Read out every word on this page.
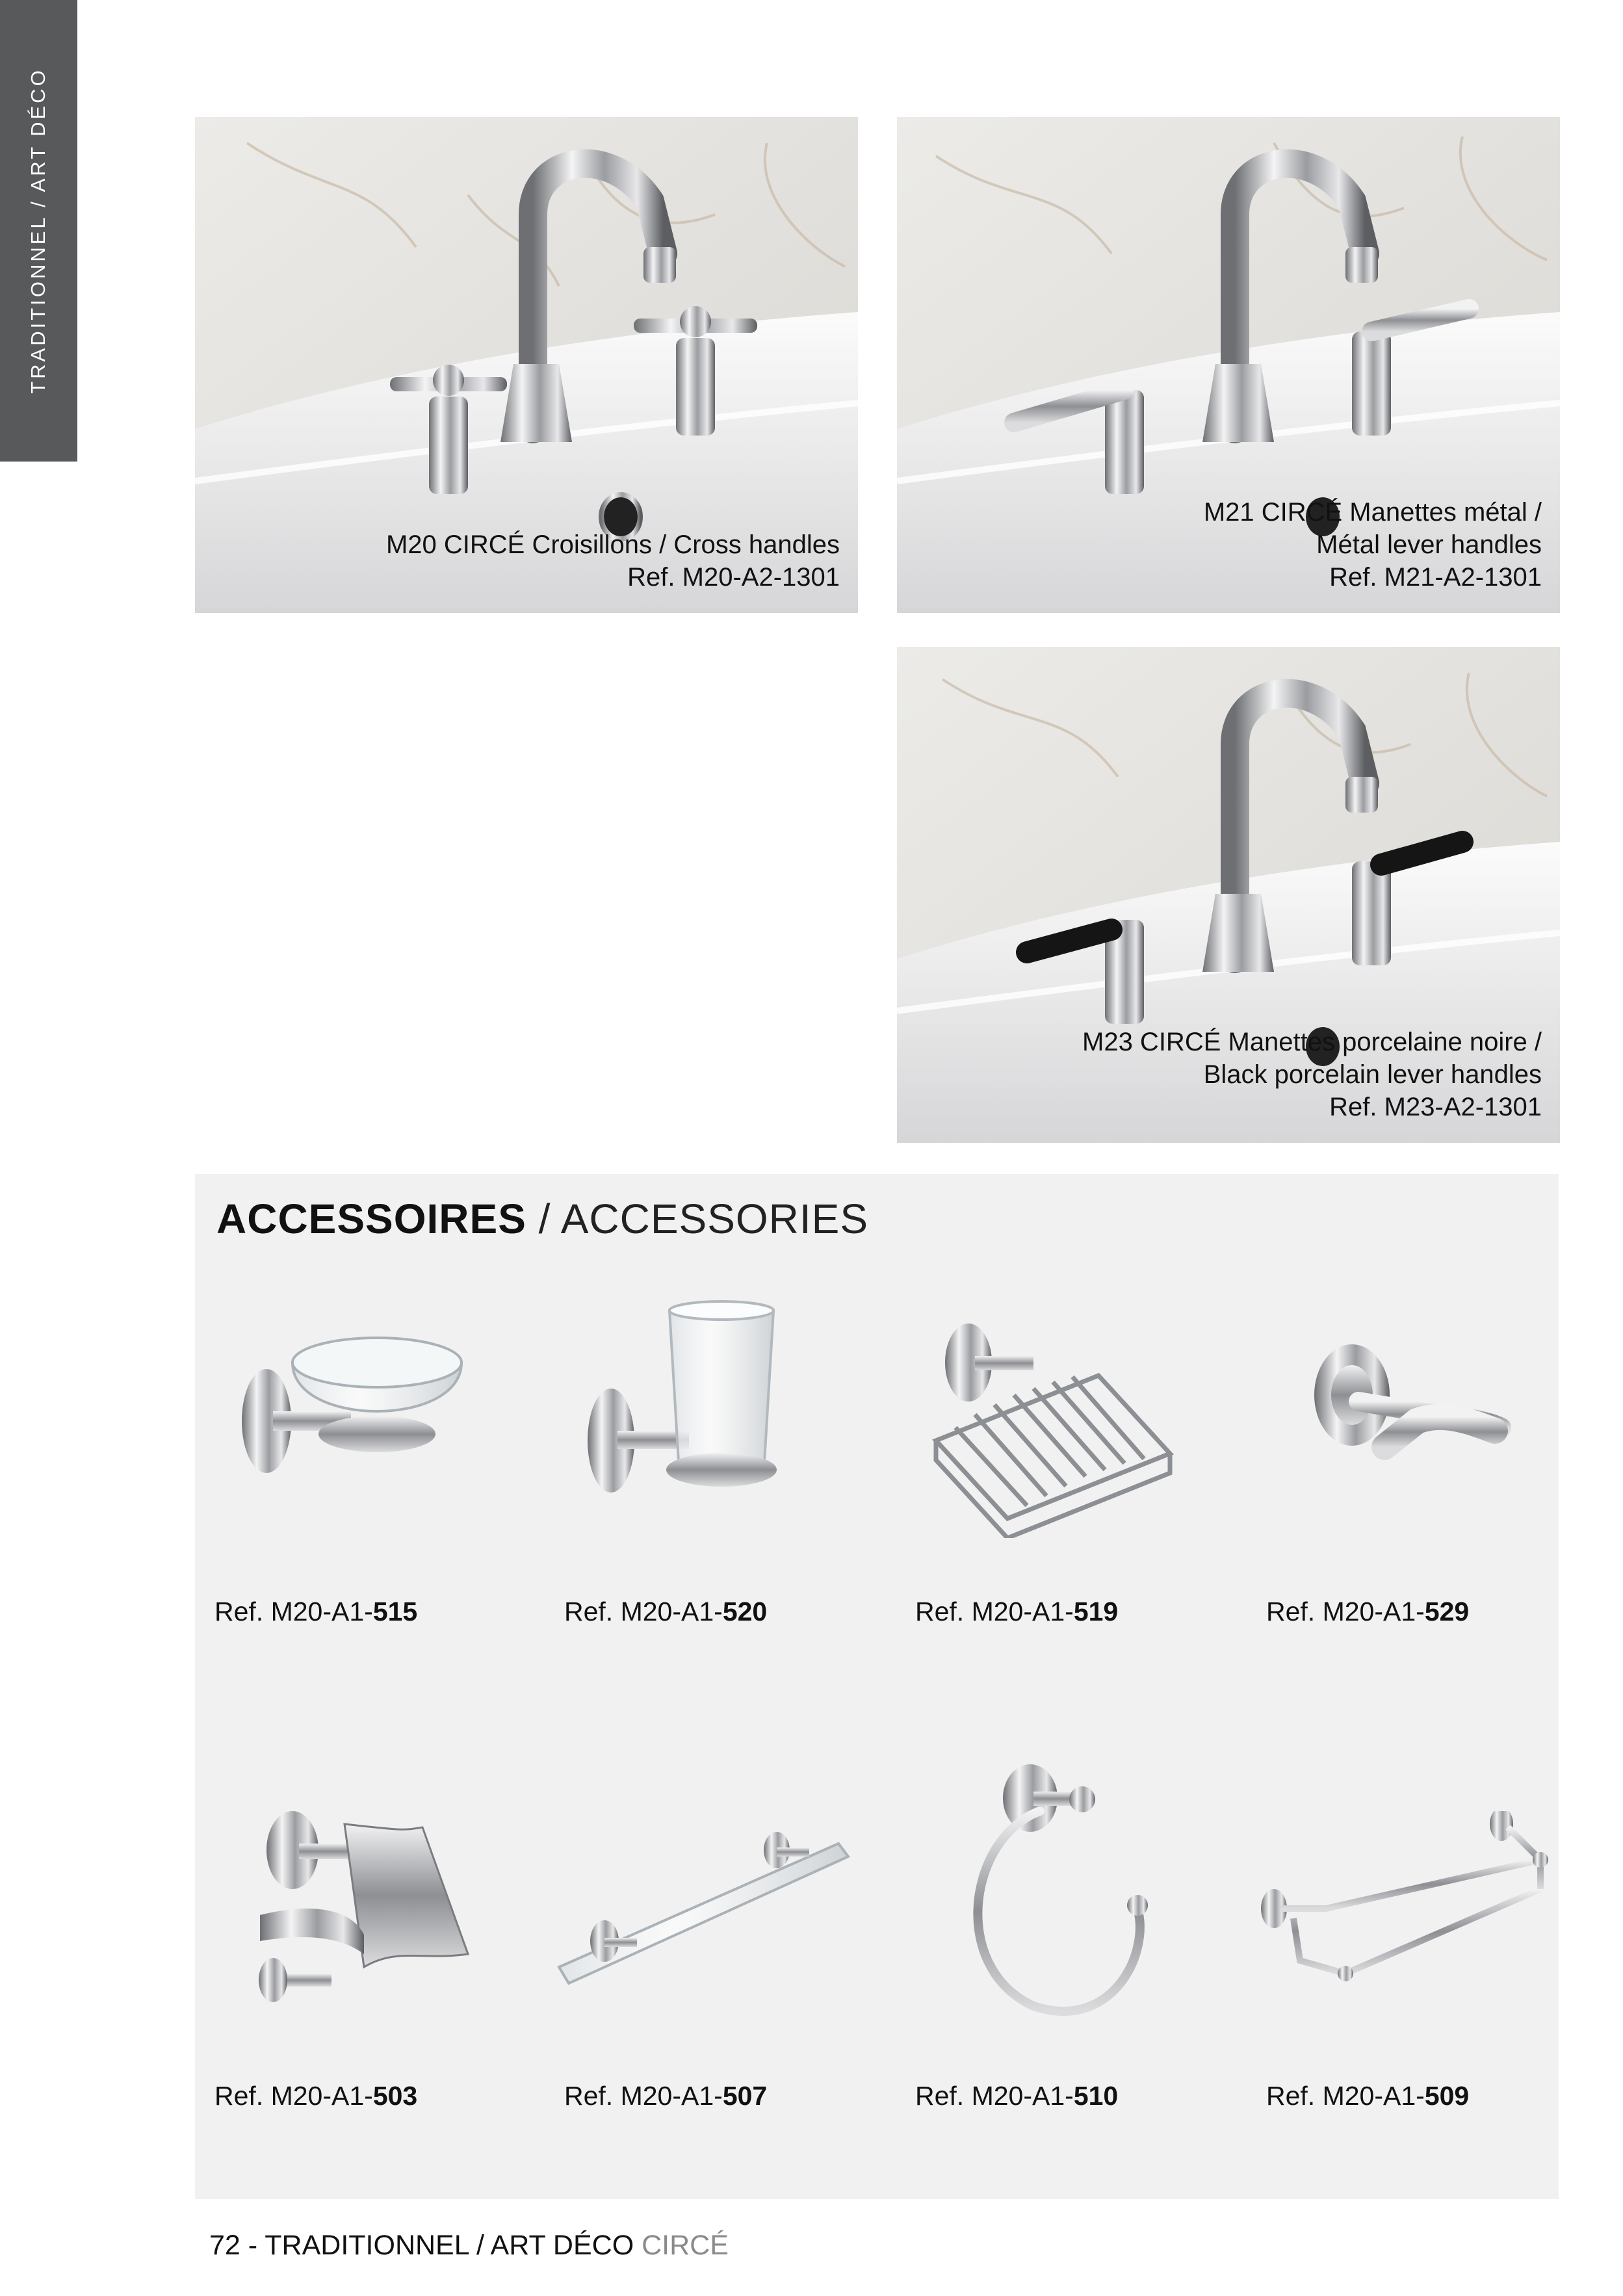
TRADITIONNEL / ART DÉCO
M20 CIRCÉ Croisillons / Cross handles
Ref. M20-A2-1301
M21 CIRCÉ Manettes métal /
Métal lever handles
Ref. M21-A2-1301
M23 CIRCÉ Manettes porcelaine noire /
Black porcelain lever handles
Ref. M23-A2-1301
ACCESSOIRES / ACCESSORIES
Ref. M20-A1-515	Ref. M20-A1-520	Ref. M20-A1-519	Ref. M20-A1-529
Ref. M20-A1-503	Ref. M20-A1-507	Ref. M20-A1-510	Ref. M20-A1-509
72 - TRADITIONNEL / ART DÉCO CIRCÉ
